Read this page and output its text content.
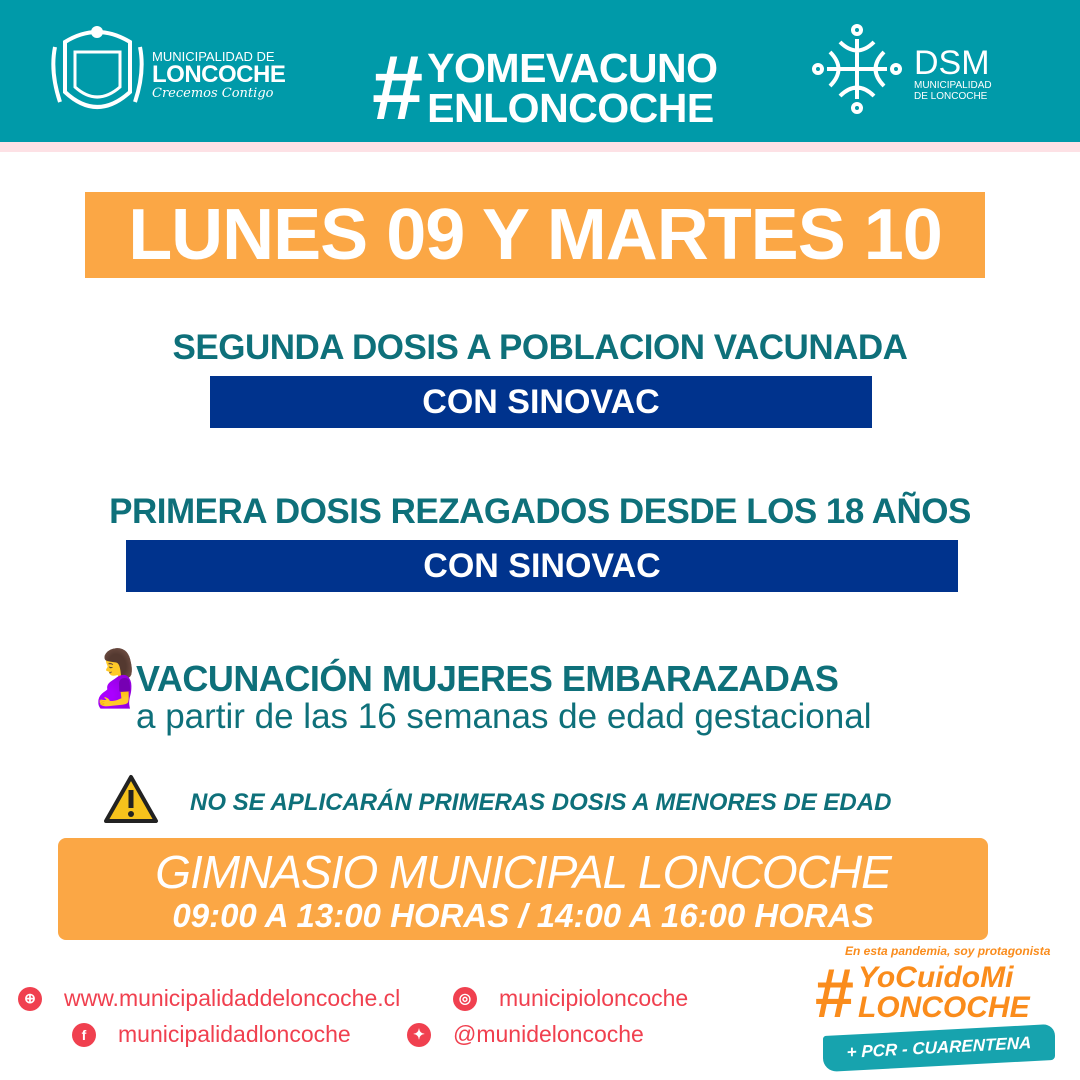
MUNICIPALIDAD DE
LONCOCHE
Crecemos Contigo # YOMEVACUNO
ENLONCOCHE
DSM
MUNICIPALIDAD
DE LONCOCHE
LUNES 09 Y MARTES 10
SEGUNDA DOSIS A POBLACION VACUNADA
CON SINOVAC
PRIMERA DOSIS REZAGADOS DESDE LOS 18 AÑOS
CON SINOVAC
🤰
VACUNACIÓN MUJERES EMBARAZADAS
a partir de las 16 semanas de edad gestacional
NO SE APLICARÁN PRIMERAS DOSIS A MENORES DE EDAD
GIMNASIO MUNICIPAL LONCOCHE
09:00 A 13:00 HORAS / 14:00 A 16:00 HORAS
⊕ www.municipalidaddeloncoche.cl	◎ municipioloncoche
f	municipalidadloncoche	✦ @munideloncoche
En esta pandemia, soy protagonista
# YoCuidoMi
LONCOCHE
+ PCR - CUARENTENA
